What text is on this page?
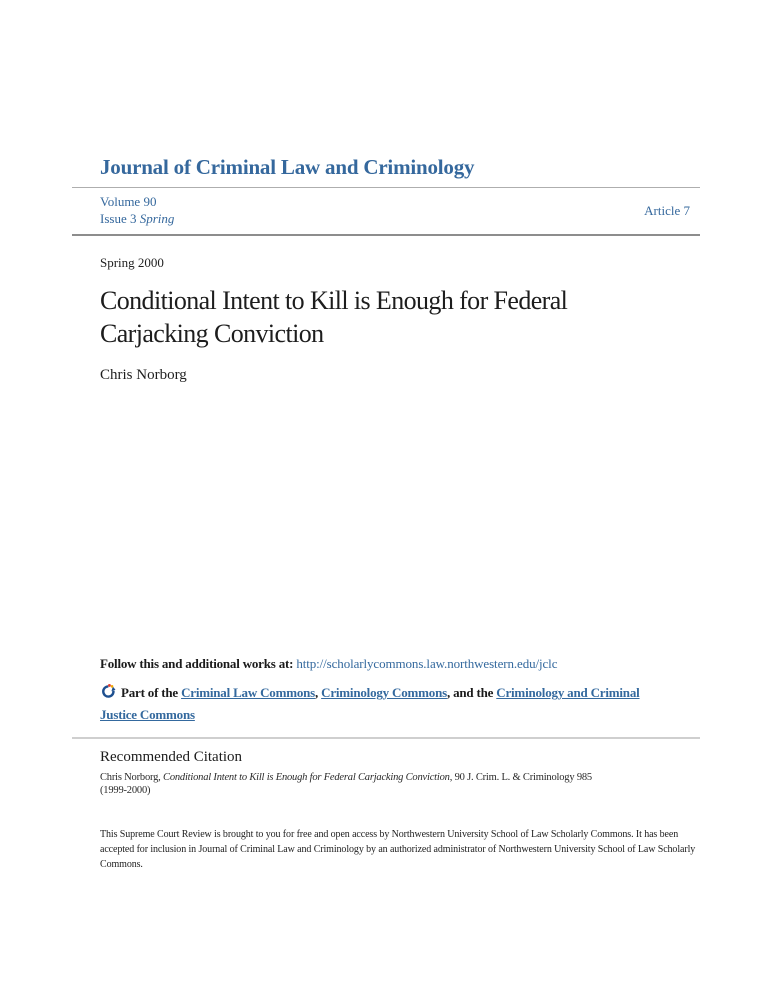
Journal of Criminal Law and Criminology
Volume 90
Issue 3 Spring
Article 7
Spring 2000
Conditional Intent to Kill is Enough for Federal
Carjacking Conviction
Chris Norborg

Follow this and additional works at: http://scholarlycommons.law.northwestern.edu/jclc

Part of the Criminal Law Commons, Criminology Commons, and the Criminology and Criminal
Justice Commons

Recommended Citation

Chris Norborg, Conditional Intent to Kill is Enough for Federal Carjacking Conviction, 90 J. Crim. L. & Criminology 985
(1999-2000)

This Supreme Court Review is brought to you for free and open access by Northwestern University School of Law Scholarly Commons. It has been
accepted for inclusion in Journal of Criminal Law and Criminology by an authorized administrator of Northwestern University School of Law Scholarly
Commons.
